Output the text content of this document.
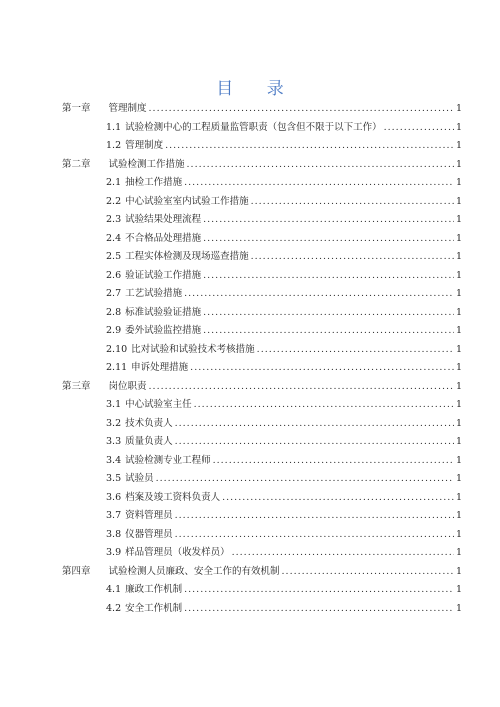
目 录
第一章 管理制度 .....	1
1.1 试验检测中心的工程质量监管职责（包含但不限于以下工作） .....	1
1.2 管理制度 .....	1
第二章 试验检测工作措施 .....	1
2.1 抽检工作措施 .....	1
2.2 中心试验室室内试验工作措施 .....	1
2.3 试验结果处理流程 .....	1
2.4 不合格品处理措施 .....	1
2.5 工程实体检测及现场巡查措施 .....	1
2.6 验证试验工作措施 .....	1
2.7 工艺试验措施 .....	1
2.8 标准试验验证措施 .....	1
2.9 委外试验监控措施 .....	1
2.10 比对试验和试验技术考核措施 .....	1
2.11 申诉处理措施 .....	1
第三章 岗位职责 .....	1
3.1 中心试验室主任 .....	1
3.2 技术负责人 .....	1
3.3 质量负责人 .....	1
3.4 试验检测专业工程师 .....	1
3.5 试验员 .....	1
3.6 档案及竣工资料负责人 .....	1
3.7 资料管理员 .....	1
3.8 仪器管理员 .....	1
3.9 样品管理员（收发样员） .....	1
第四章 试验检测人员廉政、安全工作的有效机制 .....	1
4.1 廉政工作机制 .....	1
4.2 安全工作机制 .....	1
